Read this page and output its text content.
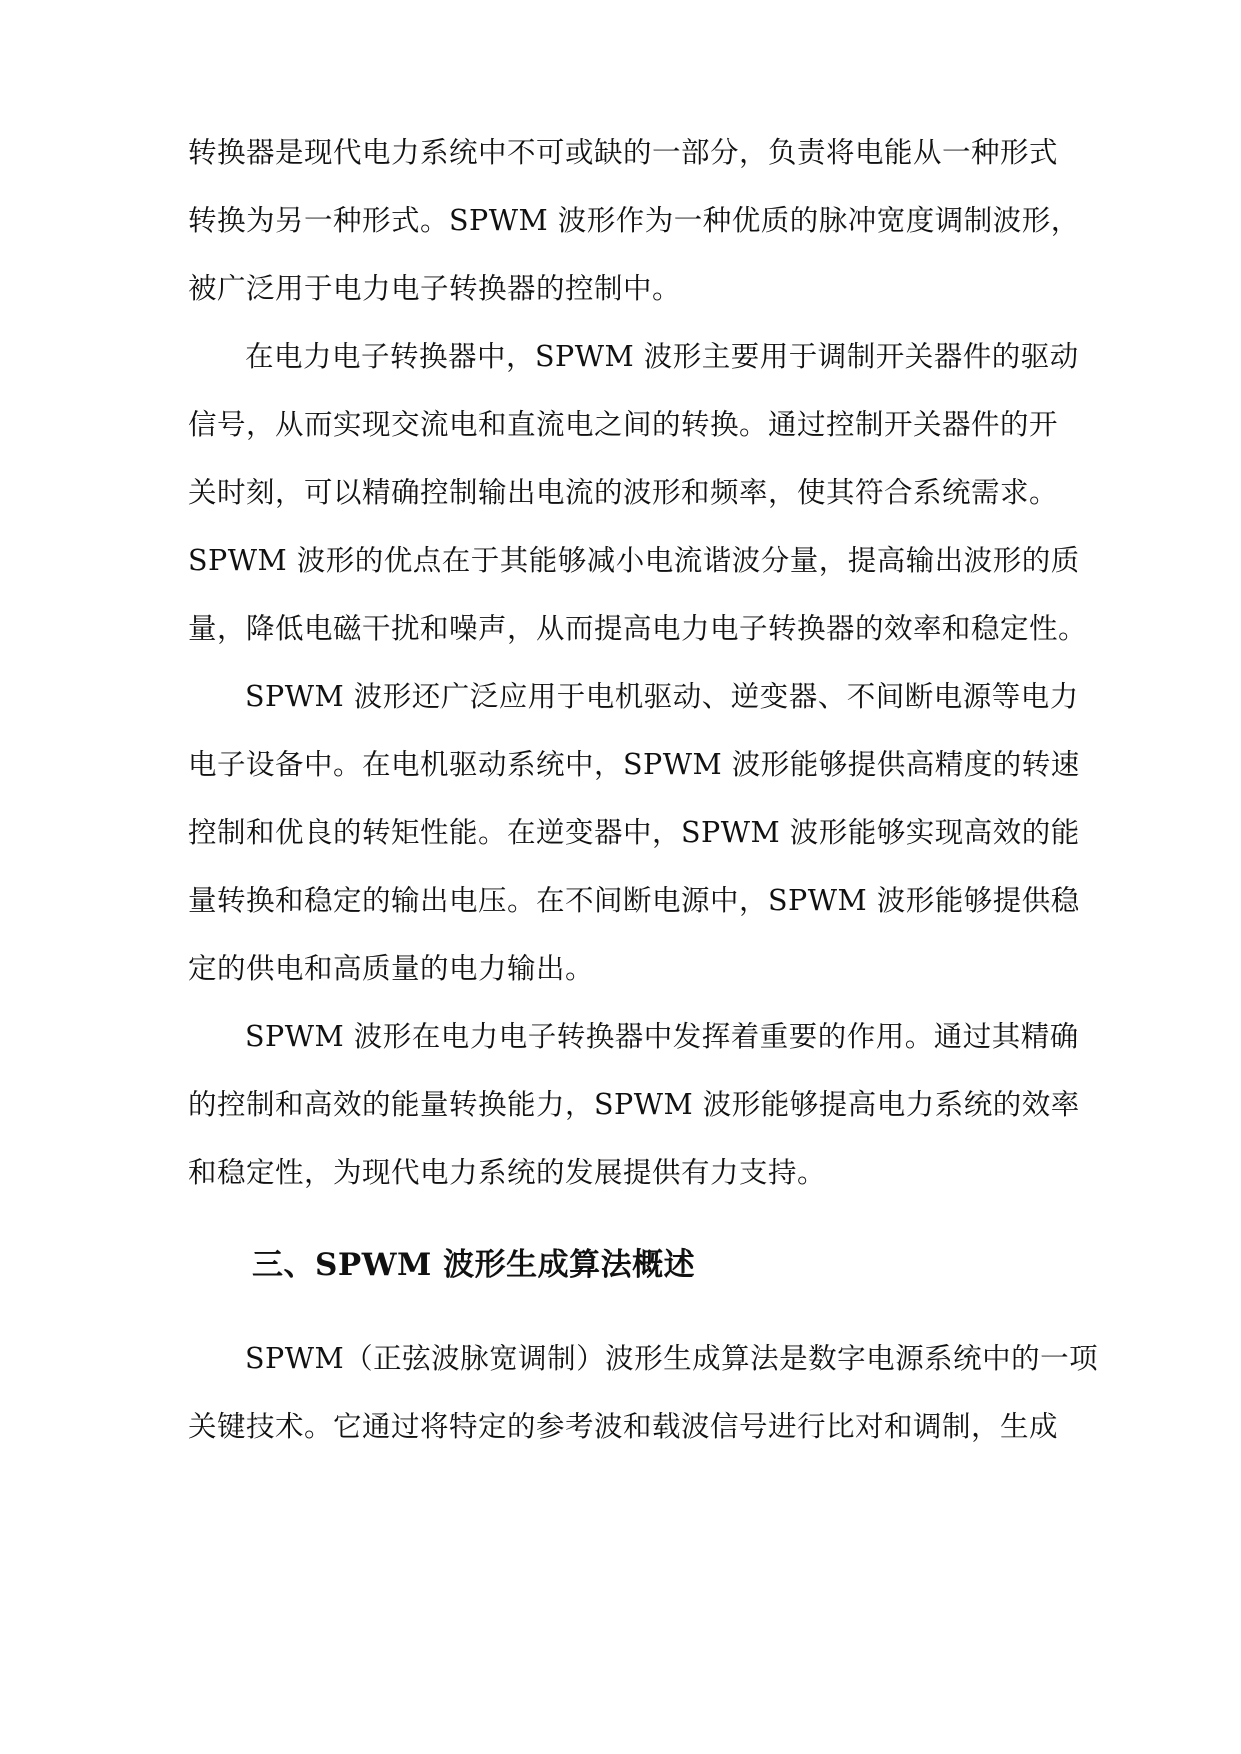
转换器是现代电力系统中不可或缺的一部分，负责将电能从一种形式
转换为另一种形式。SPWM 波形作为一种优质的脉冲宽度调制波形，
被广泛用于电力电子转换器的控制中。
在电力电子转换器中，SPWM 波形主要用于调制开关器件的驱动
信号，从而实现交流电和直流电之间的转换。通过控制开关器件的开
关时刻，可以精确控制输出电流的波形和频率，使其符合系统需求。
SPWM 波形的优点在于其能够减小电流谐波分量，提高输出波形的质
量，降低电磁干扰和噪声，从而提高电力电子转换器的效率和稳定性。
SPWM 波形还广泛应用于电机驱动、逆变器、不间断电源等电力
电子设备中。在电机驱动系统中，SPWM 波形能够提供高精度的转速
控制和优良的转矩性能。在逆变器中，SPWM 波形能够实现高效的能
量转换和稳定的输出电压。在不间断电源中，SPWM 波形能够提供稳
定的供电和高质量的电力输出。
SPWM 波形在电力电子转换器中发挥着重要的作用。通过其精确
的控制和高效的能量转换能力，SPWM 波形能够提高电力系统的效率
和稳定性，为现代电力系统的发展提供有力支持。
三、SPWM 波形生成算法概述
SPWM（正弦波脉宽调制）波形生成算法是数字电源系统中的一项
关键技术。它通过将特定的参考波和载波信号进行比对和调制，生成
